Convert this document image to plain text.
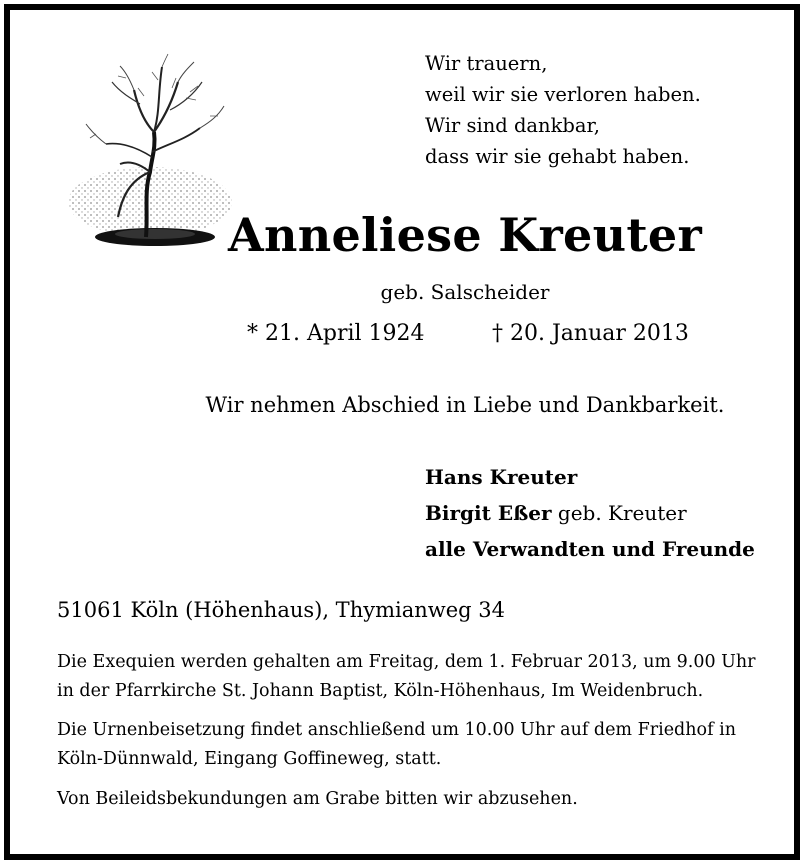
Wir trauern,
weil wir sie verloren haben.
Wir sind dankbar,
dass wir sie gehabt haben.
Anneliese Kreuter
geb. Salscheider
* 21. April 1924	† 20. Januar 2013
Wir nehmen Abschied in Liebe und Dankbarkeit.
Hans Kreuter
Birgit Eßer geb. Kreuter
alle Verwandten und Freunde
51061 Köln (Höhenhaus), Thymianweg 34
Die Exequien werden gehalten am Freitag, dem 1. Februar 2013, um 9.00 Uhr
in der Pfarrkirche St. Johann Baptist, Köln-Höhenhaus, Im Weidenbruch.
Die Urnenbeisetzung findet anschließend um 10.00 Uhr auf dem Friedhof in
Köln-Dünnwald, Eingang Goffineweg, statt.
Von Beileidsbekundungen am Grabe bitten wir abzusehen.
